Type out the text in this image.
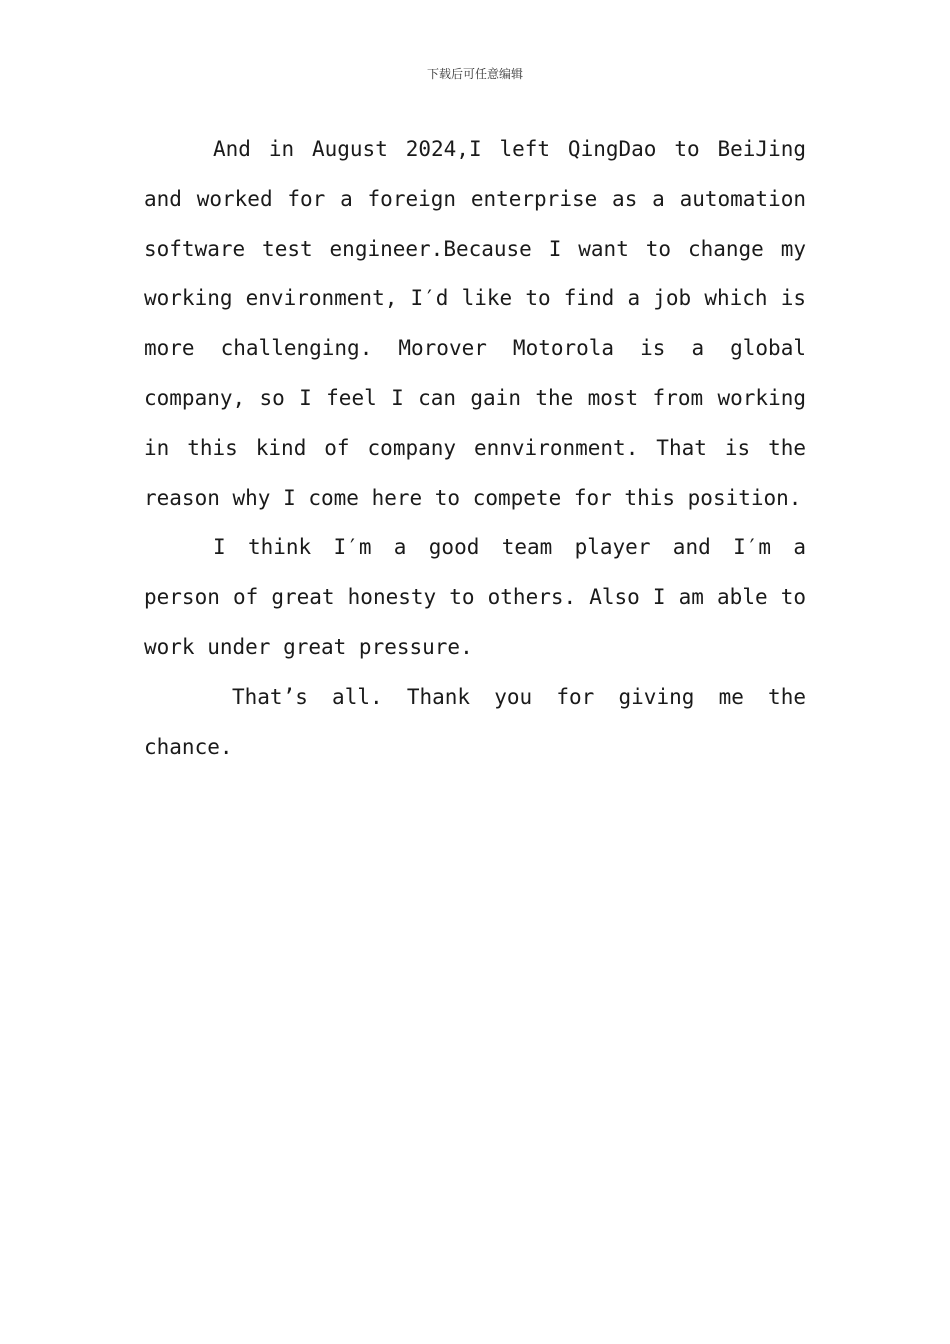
下载后可任意编辑

And in August 2024,I left QingDao to BeiJing and worked for a foreign enterprise as a automation software test engineer.Because I want to change my working environment, I′d like to find a job which is more challenging. Morover Motorola is a global company, so I feel I can gain the most from working in this kind of company ennvironment. That is the reason why I come here to compete for this position.

I think I′m a good team player and I′m a person of great honesty to others. Also I am able to work under great pressure.

That’s all. Thank you for giving me the chance.
